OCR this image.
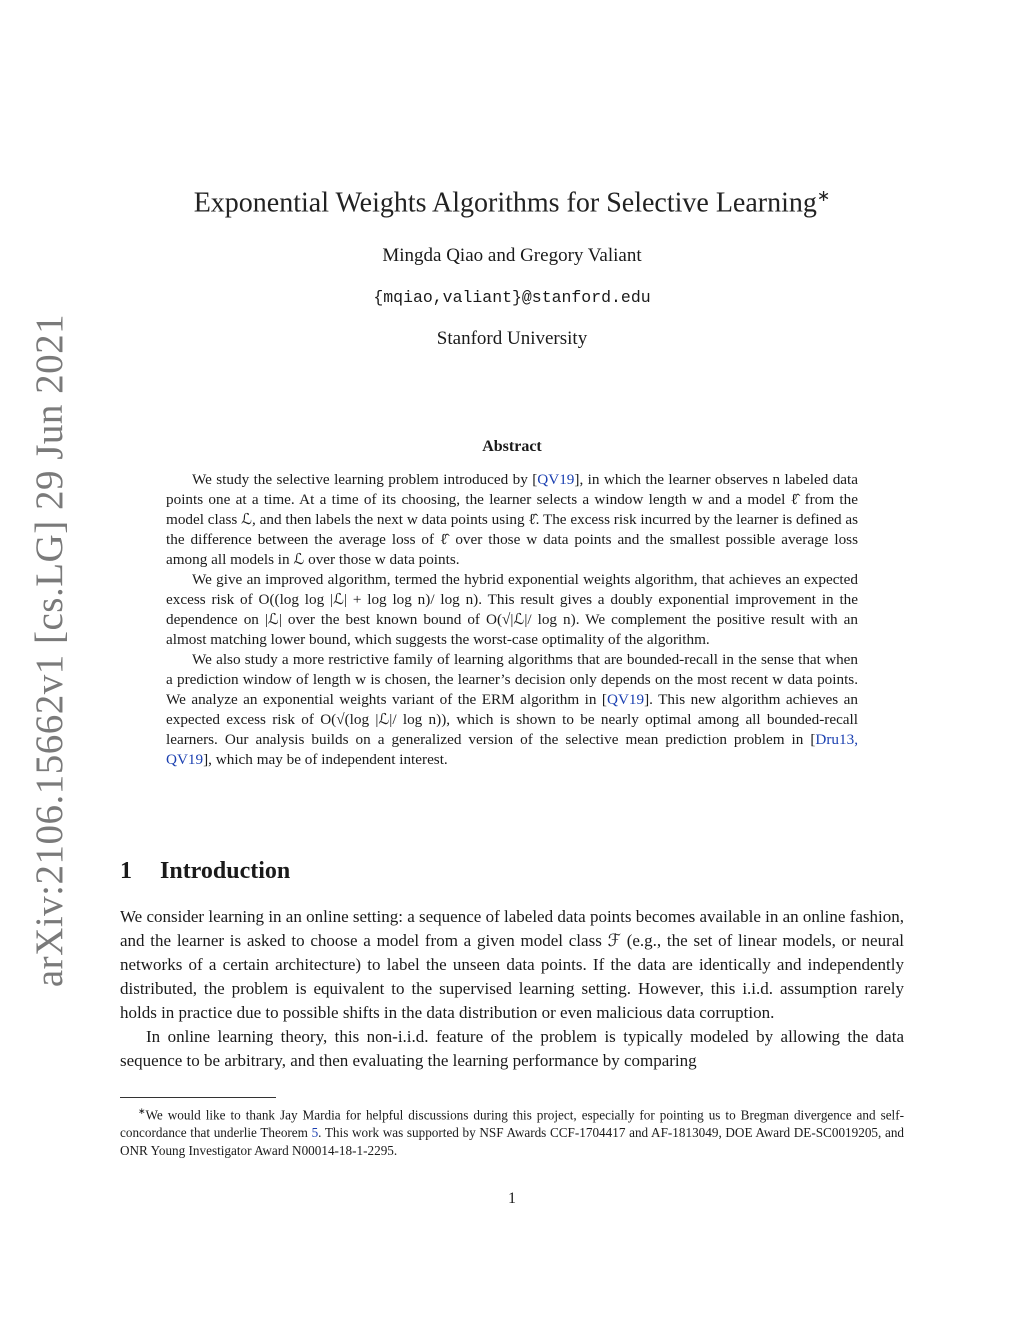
arXiv:2106.15662v1 [cs.LG] 29 Jun 2021
Exponential Weights Algorithms for Selective Learning∗
Mingda Qiao and Gregory Valiant
{mqiao,valiant}@stanford.edu
Stanford University
Abstract

We study the selective learning problem introduced by [QV19], in which the learner observes n labeled data points one at a time. At a time of its choosing, the learner selects a window length w and a model ℓ̂ from the model class ℒ, and then labels the next w data points using ℓ̂. The excess risk incurred by the learner is defined as the difference between the average loss of ℓ̂ over those w data points and the smallest possible average loss among all models in ℒ over those w data points.

We give an improved algorithm, termed the hybrid exponential weights algorithm, that achieves an expected excess risk of O((log log |ℒ| + log log n)/ log n). This result gives a doubly exponential improvement in the dependence on |ℒ| over the best known bound of O(√|ℒ|/ log n). We complement the positive result with an almost matching lower bound, which suggests the worst-case optimality of the algorithm.

We also study a more restrictive family of learning algorithms that are bounded-recall in the sense that when a prediction window of length w is chosen, the learner’s decision only depends on the most recent w data points. We analyze an exponential weights variant of the ERM algorithm in [QV19]. This new algorithm achieves an expected excess risk of O(√(log |ℒ|/ log n)), which is shown to be nearly optimal among all bounded-recall learners. Our analysis builds on a generalized version of the selective mean prediction problem in [Dru13, QV19], which may be of independent interest.

1 Introduction

We consider learning in an online setting: a sequence of labeled data points becomes available in an online fashion, and the learner is asked to choose a model from a given model class ℱ (e.g., the set of linear models, or neural networks of a certain architecture) to label the unseen data points. If the data are identically and independently distributed, the problem is equivalent to the supervised learning setting. However, this i.i.d. assumption rarely holds in practice due to possible shifts in the data distribution or even malicious data corruption.

In online learning theory, this non-i.i.d. feature of the problem is typically modeled by allowing the data sequence to be arbitrary, and then evaluating the learning performance by comparing

∗We would like to thank Jay Mardia for helpful discussions during this project, especially for pointing us to Bregman divergence and self-concordance that underlie Theorem 5. This work was supported by NSF Awards CCF-1704417 and AF-1813049, DOE Award DE-SC0019205, and ONR Young Investigator Award N00014-18-1-2295.

1
